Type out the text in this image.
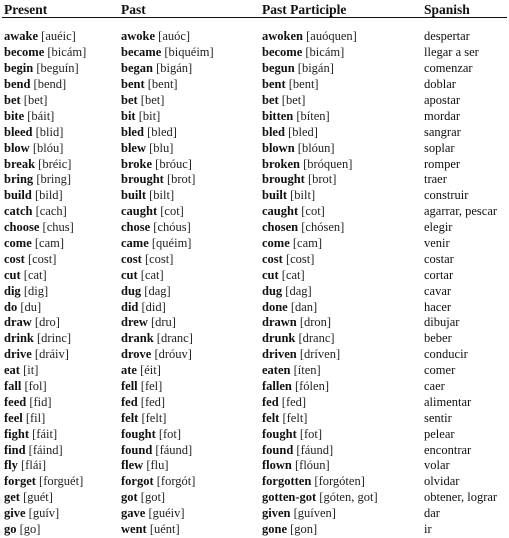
Present	Past	Past Participle	Spanish

awake [auéic]	awoke [auóc]	awoken [auóquen]	despertar
become [bicám]	became [biquéim]	become [bicám]	llegar a ser
begin [beguín]	began [bigán]	begun [bigán]	comenzar
bend [bend]	bent [bent]	bent [bent]	doblar
bet [bet]	bet [bet]	bet [bet]	apostar
bite [báit]	bit [bit]	bitten [bíten]	mordar
bleed [blid]	bled [bled]	bled [bled]	sangrar
blow [blóu]	blew [blu]	blown [blóun]	soplar
break [bréic]	broke [bróuc]	broken [bróquen]	romper
bring [bring]	brought [brot]	brought [brot]	traer
build [bild]	built [bilt]	built [bilt]	construir
catch [cach]	caught [cot]	caught [cot]	agarrar, pescar
choose [chus]	chose [chóus]	chosen [chósen]	elegir
come [cam]	came [quéim]	come [cam]	venir
cost [cost]	cost [cost]	cost [cost]	costar
cut [cat]	cut [cat]	cut [cat]	cortar
dig [dig]	dug [dag]	dug [dag]	cavar
do [du]	did [did]	done [dan]	hacer
draw [dro]	drew [dru]	drawn [dron]	dibujar
drink [drinc]	drank [dranc]	drunk [dranc]	beber
drive [dráiv]	drove [dróuv]	driven [dríven]	conducir
eat [it]	ate [éit]	eaten [íten]	comer
fall [fol]	fell [fel]	fallen [fólen]	caer
feed [fid]	fed [fed]	fed [fed]	alimentar
feel [fil]	felt [felt]	felt [felt]	sentir
fight [fáit]	fought [fot]	fought [fot]	pelear
find [fáind]	found [fáund]	found [fáund]	encontrar
fly [flái]	flew [flu]	flown [flóun]	volar
forget [forguét]	forgot [forgót]	forgotten [forgóten]	olvidar
get [guét]	got [got]	gotten-got [góten, got]	obtener, lograr
give [guív]	gave [guéiv]	given [guíven]	dar
go [go]	went [uént]	gone [gon]	ir
